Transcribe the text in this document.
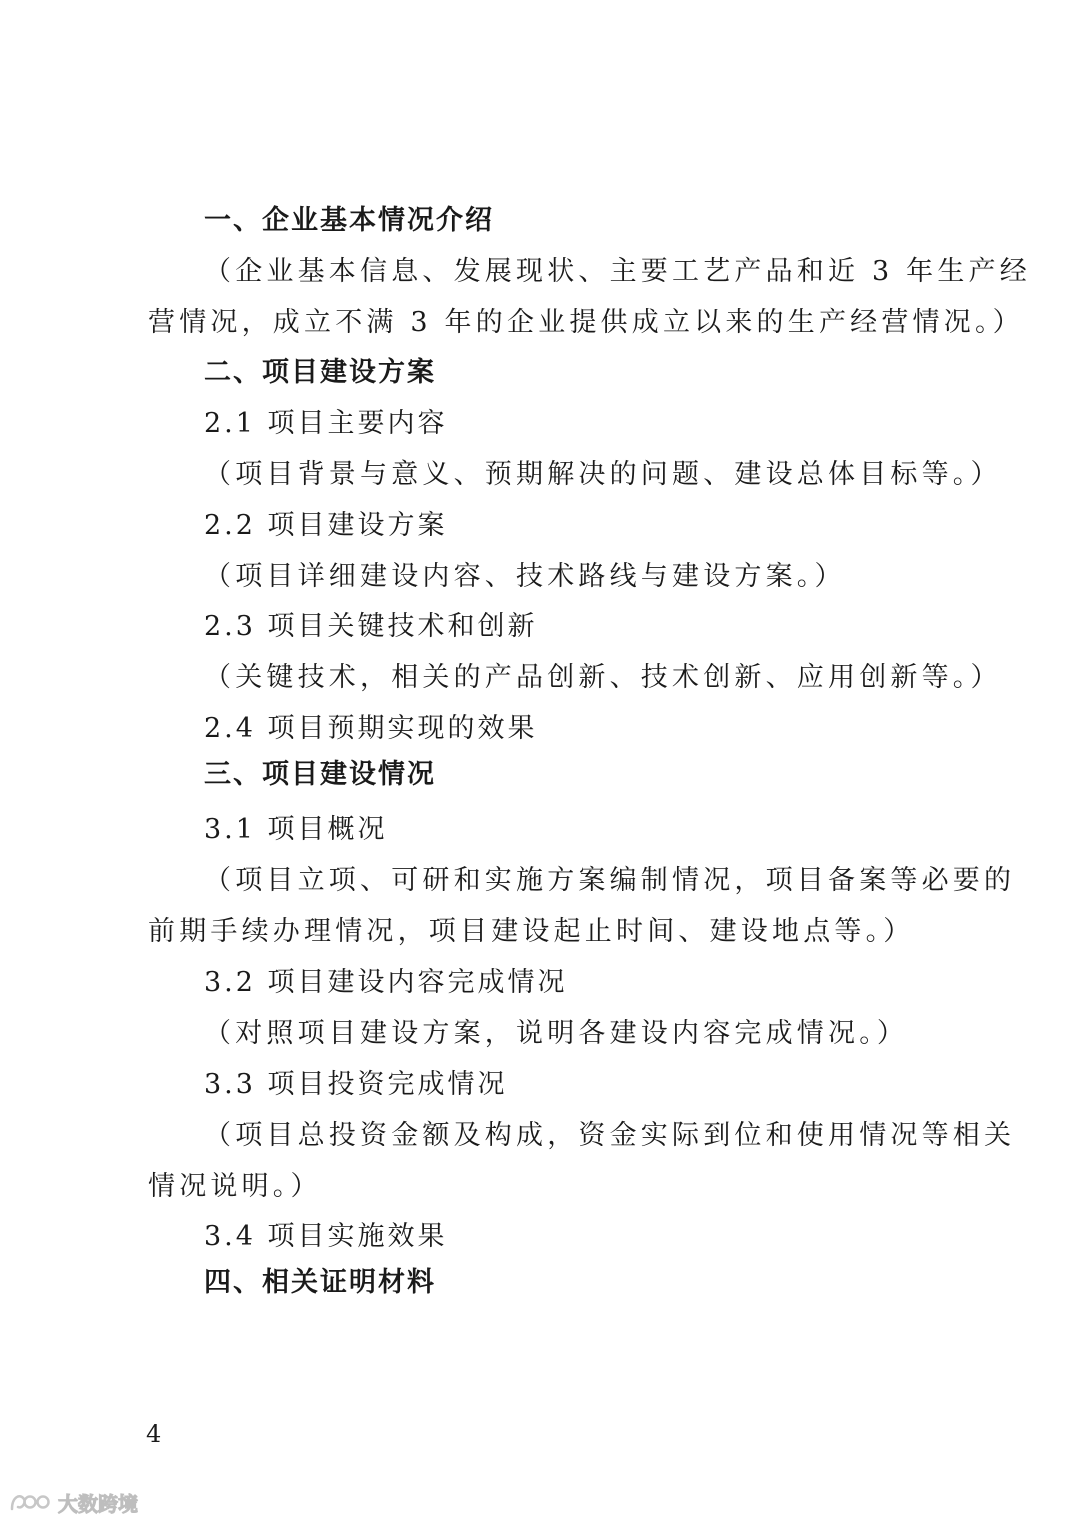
一、企业基本情况介绍
（企业基本信息、发展现状、主要工艺产品和近 3 年生产经
营情况，成立不满 3 年的企业提供成立以来的生产经营情况。）
二、项目建设方案
2.1 项目主要内容
（项目背景与意义、预期解决的问题、建设总体目标等。）
2.2 项目建设方案
（项目详细建设内容、技术路线与建设方案。）
2.3 项目关键技术和创新
（关键技术，相关的产品创新、技术创新、应用创新等。）
2.4 项目预期实现的效果
三、项目建设情况
3.1 项目概况
（项目立项、可研和实施方案编制情况，项目备案等必要的
前期手续办理情况，项目建设起止时间、建设地点等。）
3.2 项目建设内容完成情况
（对照项目建设方案，说明各建设内容完成情况。）
3.3 项目投资完成情况
（项目总投资金额及构成，资金实际到位和使用情况等相关
情况说明。）
3.4 项目实施效果
四、相关证明材料
4
大数跨境
